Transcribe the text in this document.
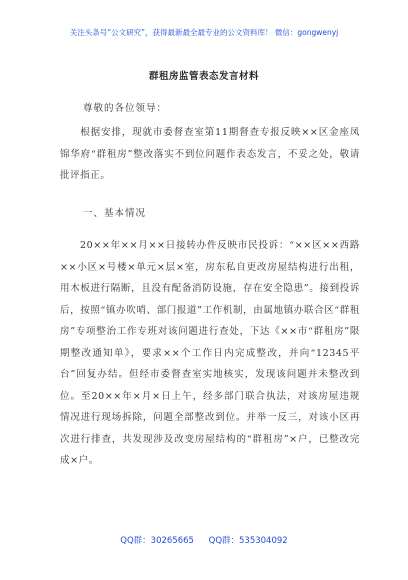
关注头条号“公文研究”，获得最新最全最专业的公文资料库！ 微信：gongwenyj
群租房监管表态发言材料
尊敬的各位领导：

根据安排，现就市委督查室第11期督查专报反映××区金座凤锦华府“群租房”整改落实不到位问题作表态发言，不妥之处，敬请批评指正。

一、基本情况

20××年××月××日接转办件反映市民投诉：“××区××西路××小区×号楼×单元×层×室，房东私自更改房屋结构进行出租，用木板进行隔断，且没有配备消防设施，存在安全隐患”。接到投诉后，按照“镇办吹哨、部门报道”工作机制，由属地镇办联合区“群租房”专项整治工作专班对该问题进行查处，下达《××市“群租房”限期整改通知单》，要求××个工作日内完成整改，并向“12345平台”回复办结。但经市委督查室实地核实，发现该问题并未整改到位。至20××年×月×日上午，经多部门联合执法，对该房屋违规情况进行现场拆除，问题全部整改到位。并举一反三，对该小区再次进行排查，共发现涉及改变房屋结构的“群租房”×户，已整改完成×户。

QQ群：30265665 QQ群：535304092
